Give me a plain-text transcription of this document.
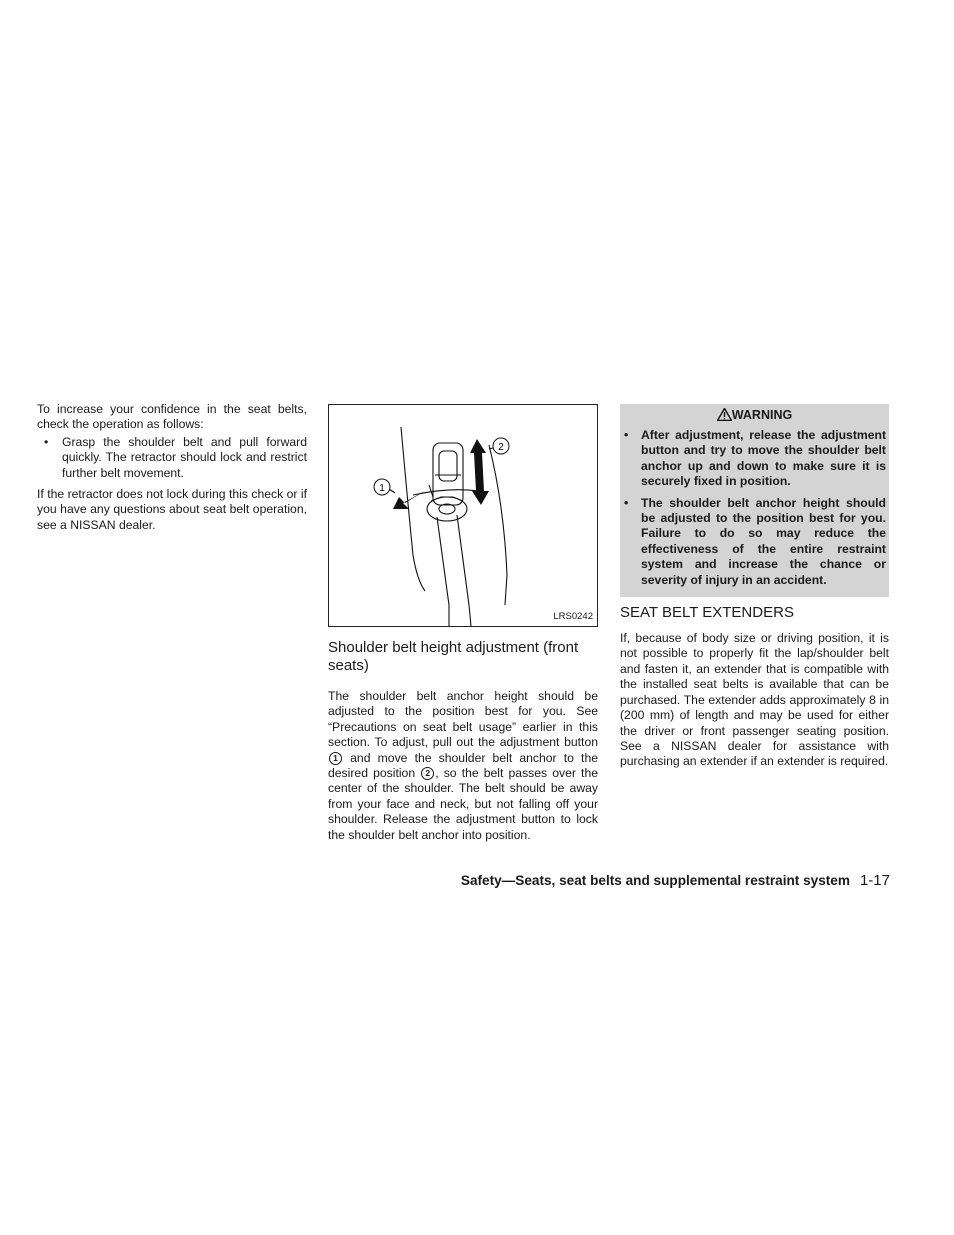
To increase your confidence in the seat belts, check the operation as follows:

• Grasp the shoulder belt and pull forward quickly. The retractor should lock and restrict further belt movement.

If the retractor does not lock during this check or if you have any questions about seat belt operation, see a NISSAN dealer.

1
2
LRS0242
Shoulder belt height adjustment (front seats)

The shoulder belt anchor height should be adjusted to the position best for you. See “Precautions on seat belt usage” earlier in this section. To adjust, pull out the adjustment button 1 and move the shoulder belt anchor to the desired position 2 , so the belt passes over the center of the shoulder. The belt should be away from your face and neck, but not falling off your shoulder. Release the adjustment button to lock the shoulder belt anchor into position.

WARNING
• After adjustment, release the adjustment button and try to move the shoulder belt anchor up and down to make sure it is securely fixed in position.
• The shoulder belt anchor height should be adjusted to the position best for you. Failure to do so may reduce the effectiveness of the entire restraint system and increase the chance or severity of injury in an accident.
SEAT BELT EXTENDERS

If, because of body size or driving position, it is not possible to properly fit the lap/shoulder belt and fasten it, an extender that is compatible with the installed seat belts is available that can be purchased. The extender adds approximately 8 in (200 mm) of length and may be used for either the driver or front passenger seating position. See a NISSAN dealer for assistance with purchasing an extender if an extender is required.

Safety—Seats, seat belts and supplemental restraint system 1-17
